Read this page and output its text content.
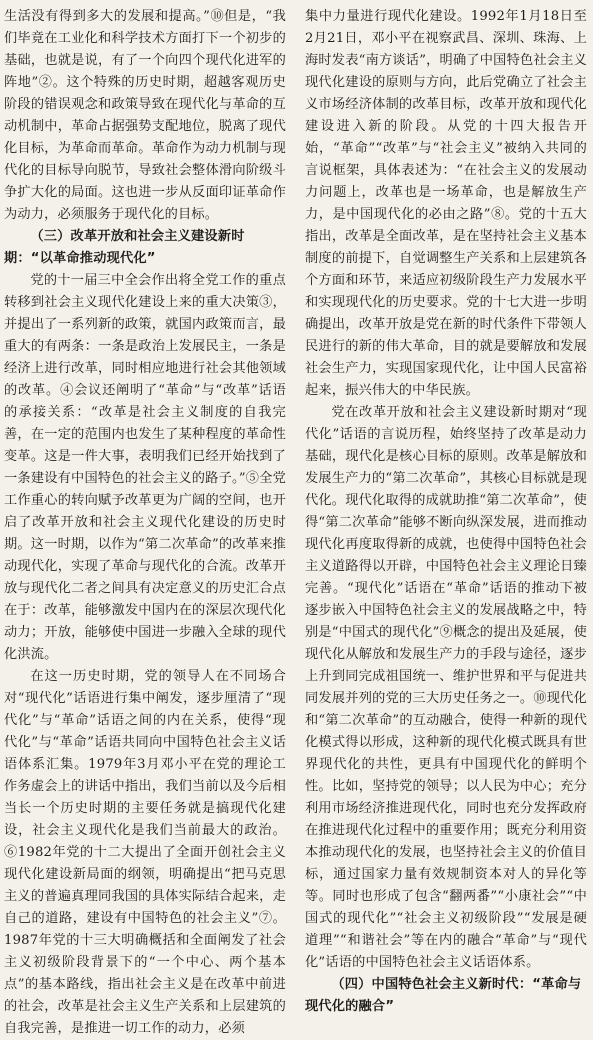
生活没有得到多大的发展和提高。”⑩但是，“我们毕竟在工业化和科学技术方面打下一个初步的基础，也就是说，有了一个向四个现代化进军的阵地”②。这个特殊的历史时期，超越客观历史阶段的错误观念和政策导致在现代化与革命的互动机制中，革命占据强势支配地位，脱离了现代化目标，为革命而革命。革命作为动力机制与现代化的目标导向脱节，导致社会整体滑向阶级斗争扩大化的局面。这也进一步从反面印证革命作为动力，必须服务于现代化的目标。

（三）改革开放和社会主义建设新时期：“以革命推动现代化”

党的十一届三中全会作出将全党工作的重点转移到社会主义现代化建设上来的重大决策③，并提出了一系列新的政策，就国内政策而言，最重大的有两条：一条是政治上发展民主，一条是经济上进行改革，同时相应地进行社会其他领域的改革。④会议还阐明了“革命”与“改革”话语的承接关系：“改革是社会主义制度的自我完善，在一定的范围内也发生了某种程度的革命性变革。这是一件大事，表明我们已经开始找到了一条建设有中国特色的社会主义的路子。”⑤全党工作重心的转向赋予改革更为广阔的空间，也开启了改革开放和社会主义现代化建设的历史时期。这一时期，以作为“第二次革命”的改革来推动现代化，实现了革命与现代化的合流。改革开放与现代化二者之间具有决定意义的历史汇合点在于：改革，能够激发中国内在的深层次现代化动力；开放，能够使中国进一步融入全球的现代化洪流。

在这一历史时期，党的领导人在不同场合对“现代化”话语进行集中阐发，逐步厘清了“现代化”与“革命”话语之间的内在关系，使得“现代化”与“革命”话语共同向中国特色社会主义话语体系汇集。1979年3月邓小平在党的理论工作务虚会上的讲话中指出，我们当前以及今后相当长一个历史时期的主要任务就是搞现代化建设，社会主义现代化是我们当前最大的政治。⑥1982年党的十二大提出了全面开创社会主义现代化建设新局面的纲领，明确提出“把马克思主义的普遍真理同我国的具体实际结合起来，走自己的道路，建设有中国特色的社会主义”⑦。1987年党的十三大明确概括和全面阐发了社会主义初级阶段背景下的“一个中心、两个基本点”的基本路线，指出社会主义是在改革中前进的社会，改革是社会主义生产关系和上层建筑的自我完善，是推进一切工作的动力，必须

集中力量进行现代化建设。1992年1月18日至2月21日，邓小平在视察武昌、深圳、珠海、上海时发表“南方谈话”，明确了中国特色社会主义现代化建设的原则与方向，此后党确立了社会主义市场经济体制的改革目标，改革开放和现代化建设进入新的阶段。从党的十四大报告开始，“革命”“改革”与“社会主义”被纳入共同的言说框架，具体表述为：“在社会主义的发展动力问题上，改革也是一场革命，也是解放生产力，是中国现代化的必由之路”⑧。党的十五大指出，改革是全面改革，是在坚持社会主义基本制度的前提下，自觉调整生产关系和上层建筑各个方面和环节，来适应初级阶段生产力发展水平和实现现代化的历史要求。党的十七大进一步明确提出，改革开放是党在新的时代条件下带领人民进行的新的伟大革命，目的就是要解放和发展社会生产力，实现国家现代化，让中国人民富裕起来，振兴伟大的中华民族。

党在改革开放和社会主义建设新时期对“现代化”话语的言说历程，始终坚持了改革是动力基础，现代化是核心目标的原则。改革是解放和发展生产力的“第二次革命”，其核心目标就是现代化。现代化取得的成就助推“第二次革命”，使得“第二次革命”能够不断向纵深发展，进而推动现代化再度取得新的成就，也使得中国特色社会主义道路得以开辟，中国特色社会主义理论日臻完善。“现代化”话语在“革命”话语的推动下被逐步嵌入中国特色社会主义的发展战略之中，特别是“中国式的现代化”⑨概念的提出及延展，使现代化从解放和发展生产力的手段与途径，逐步上升到同完成祖国统一、维护世界和平与促进共同发展并列的党的三大历史任务之一。⑩现代化和“第二次革命”的互动融合，使得一种新的现代化模式得以形成，这种新的现代化模式既具有世界现代化的共性，更具有中国现代化的鲜明个性。比如，坚持党的领导；以人民为中心；充分利用市场经济推进现代化，同时也充分发挥政府在推进现代化过程中的重要作用；既充分利用资本推动现代化的发展，也坚持社会主义的价值目标，通过国家力量有效规制资本对人的异化等等。同时也形成了包含“翻两番”“小康社会”“中国式的现代化”“社会主义初级阶段”“发展是硬道理”“和谐社会”等在内的融合“革命”与“现代化”话语的中国特色社会主义话语体系。

（四）中国特色社会主义新时代：“革命与现代化的融合”
